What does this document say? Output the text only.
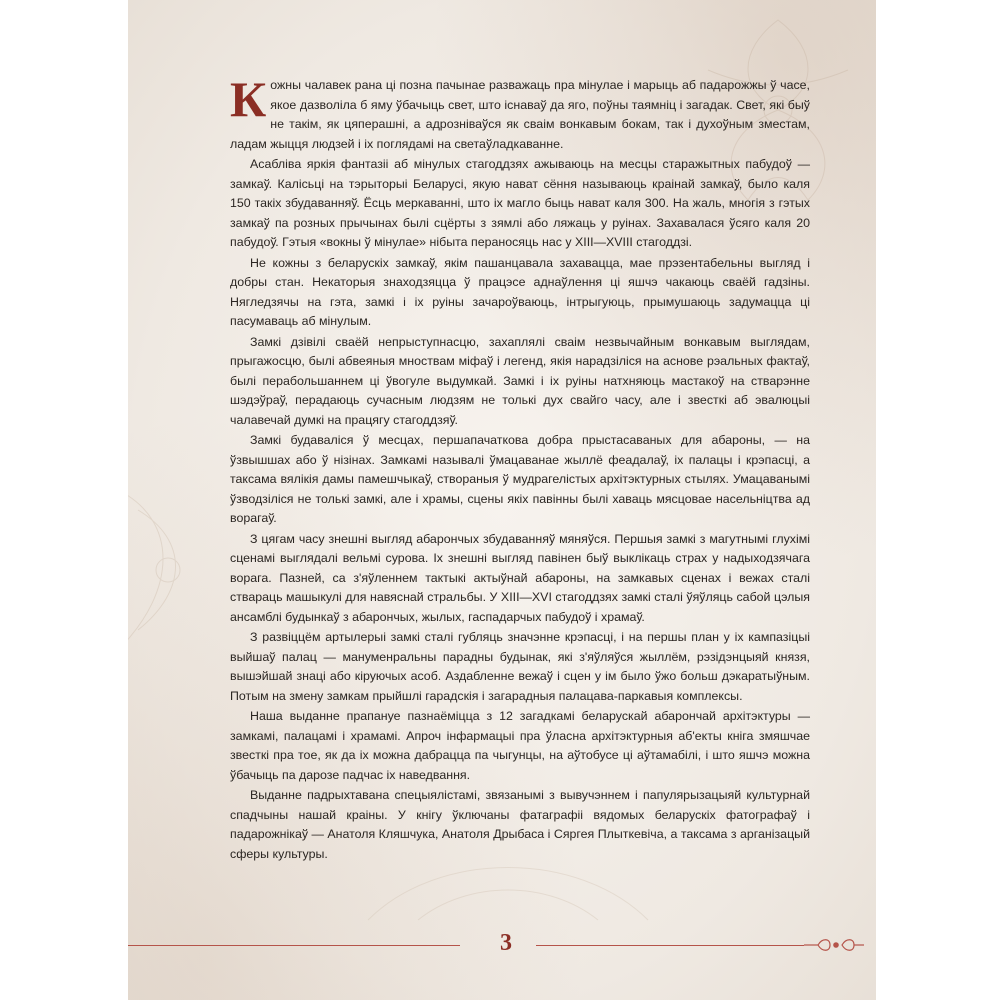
Кожны чалавек рана ці позна пачынае разважаць пра мінулае і марыць аб падарожжы ў часе, якое дазволіла б яму ўбачыць свет, што існаваў да яго, поўны таямніц і загадак. Свет, які быў не такім, як цяперашні, а адрозніваўся як сваім вонкавым бокам, так і духоўным зместам, ладам жыцця людзей і іх поглядамі на светаўладкаванне.

Асабліва яркія фантазіі аб мінулых стагоддзях ажываюць на месцы старажытных пабудоў — замкаў. Калісьці на тэрыторыі Беларусі, якую нават сёння называюць краінай замкаў, было каля 150 такіх збудаванняў. Ёсць меркаванні, што іх магло быць нават каля 300. На жаль, многія з гэтых замкаў па розных прычынах былі сцёрты з зямлі або ляжаць у руінах. Захавалася ўсяго каля 20 пабудоў. Гэтыя «вокны ў мінулае» нібыта пераносяць нас у XIII—XVIII стагоддзі.

Не кожны з беларускіх замкаў, якім пашанцавала захавацца, мае прэзентабельны выгляд і добры стан. Некаторыя знаходзяцца ў працэсе аднаўлення ці яшчэ чакаюць сваёй гадзіны. Нягледзячы на гэта, замкі і іх руіны зачароўваюць, інтрыгуюць, прымушаюць задумацца ці пасумаваць аб мінулым.

Замкі дзівілі сваёй непрыступнасцю, захаплялі сваім незвычайным вонкавым выглядам, прыгажосцю, былі абвеяныя мноствам міфаў і легенд, якія нарадзіліся на аснове рэальных фактаў, былі перабольшаннем ці ўвогуле выдумкай. Замкі і іх руіны натхняюць мастакоў на стварэнне шэдэўраў, перадаюць сучасным людзям не толькі дух свайго часу, але і звесткі аб эвалюцыі чалавечай думкі на працягу стагоддзяў.

Замкі будаваліся ў месцах, першапачаткова добра прыстасаваных для абароны, — на ўзвышшах або ў нізінах. Замкамі называлі ўмацаванае жыллё феадалаў, іх палацы і крэпасці, а таксама вялікія дамы памешчыкаў, створаныя ў мудрагелістых архітэктурных стылях. Умацаванымі ўзводзіліся не толькі замкі, але і храмы, сцены якіх павінны былі хаваць мясцовае насельніцтва ад ворагаў.

З цягам часу знешні выгляд абарончых збудаванняў мяняўся. Першыя замкі з магутнымі глухімі сценамі выглядалі вельмі сурова. Іх знешні выгляд павінен быў выклікаць страх у надыходзячага ворага. Пазней, са з'яўленнем тактыкі актыўнай абароны, на замкавых сценах і вежах сталі ствараць машыкулі для навяснай стральбы. У XIII—XVI стагоддзях замкі сталі ўяўляць сабой цэлыя ансамблі будынкаў з абарончых, жылых, гаспадарчых пабудоў і храмаў.

З развіццём артылерыі замкі сталі губляць значэнне крэпасці, і на першы план у іх кампазіцыі выйшаў палац — мануменральны парадны будынак, які з'яўляўся жыллём, рэзідэнцыяй князя, вышэйшай знаці або кіруючых асоб. Аздабленне вежаў і сцен у ім было ўжо больш дэкаратыўным. Потым на змену замкам прыйшлі гарадскія і загарадныя палацава-паркавыя комплексы.

Наша выданне прапануе пазнаёміцца з 12 загадкамі беларускай абарончай архітэктуры — замкамі, палацамі і храмамі. Апроч інфармацыі пра ўласна архітэктурныя аб'екты кніга змяшчае звесткі пра тое, як да іх можна дабрацца па чыгунцы, на аўтобусе ці аўтамабілі, і што яшчэ можна ўбачыць па дарозе падчас іх наведвання.

Выданне падрыхтавана спецыялістамі, звязанымі з вывучэннем і папулярызацыяй культурнай спадчыны нашай краіны. У кнігу ўключаны фатаграфіі вядомых беларускіх фатографаў і падарожнікаў — Анатоля Кляшчука, Анатоля Дрыбаса і Сяргея Плыткевіча, а таксама з арганізацый сферы культуры.

3
